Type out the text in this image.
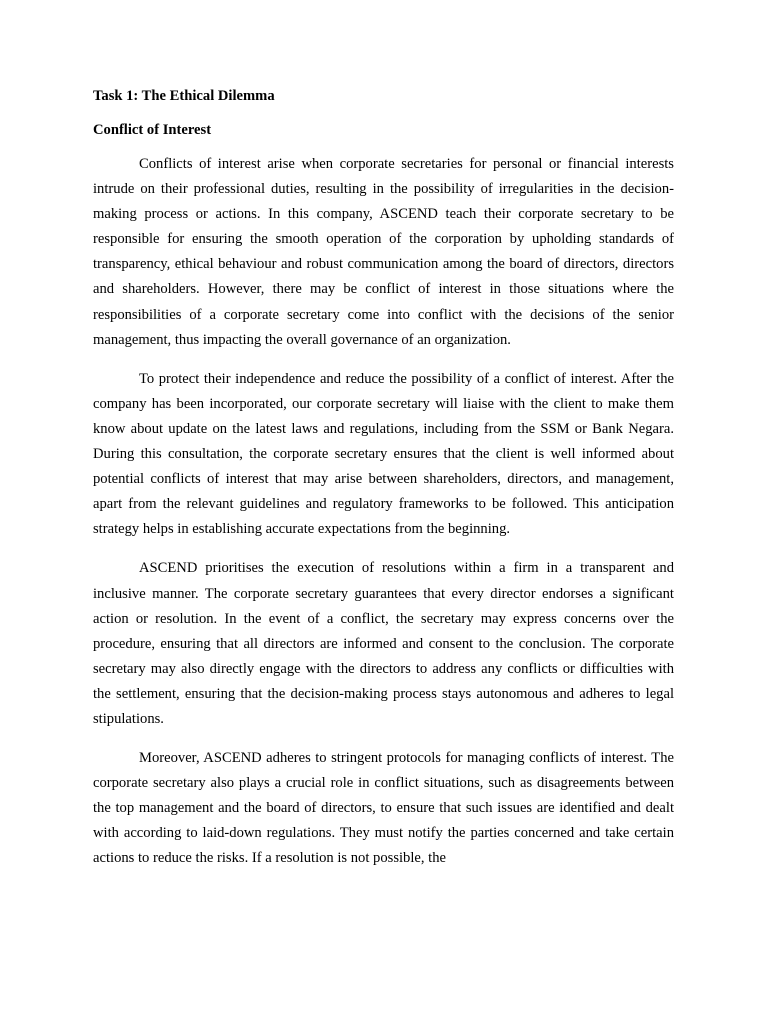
Task 1: The Ethical Dilemma

Conflict of Interest

Conflicts of interest arise when corporate secretaries for personal or financial interests intrude on their professional duties, resulting in the possibility of irregularities in the decision-making process or actions. In this company, ASCEND teach their corporate secretary to be responsible for ensuring the smooth operation of the corporation by upholding standards of transparency, ethical behaviour and robust communication among the board of directors, directors and shareholders. However, there may be conflict of interest in those situations where the responsibilities of a corporate secretary come into conflict with the decisions of the senior management, thus impacting the overall governance of an organization.

To protect their independence and reduce the possibility of a conflict of interest. After the company has been incorporated, our corporate secretary will liaise with the client to make them know about update on the latest laws and regulations, including from the SSM or Bank Negara. During this consultation, the corporate secretary ensures that the client is well informed about potential conflicts of interest that may arise between shareholders, directors, and management, apart from the relevant guidelines and regulatory frameworks to be followed. This anticipation strategy helps in establishing accurate expectations from the beginning.

ASCEND prioritises the execution of resolutions within a firm in a transparent and inclusive manner. The corporate secretary guarantees that every director endorses a significant action or resolution. In the event of a conflict, the secretary may express concerns over the procedure, ensuring that all directors are informed and consent to the conclusion. The corporate secretary may also directly engage with the directors to address any conflicts or difficulties with the settlement, ensuring that the decision-making process stays autonomous and adheres to legal stipulations.

Moreover, ASCEND adheres to stringent protocols for managing conflicts of interest. The corporate secretary also plays a crucial role in conflict situations, such as disagreements between the top management and the board of directors, to ensure that such issues are identified and dealt with according to laid-down regulations. They must notify the parties concerned and take certain actions to reduce the risks. If a resolution is not possible, the
